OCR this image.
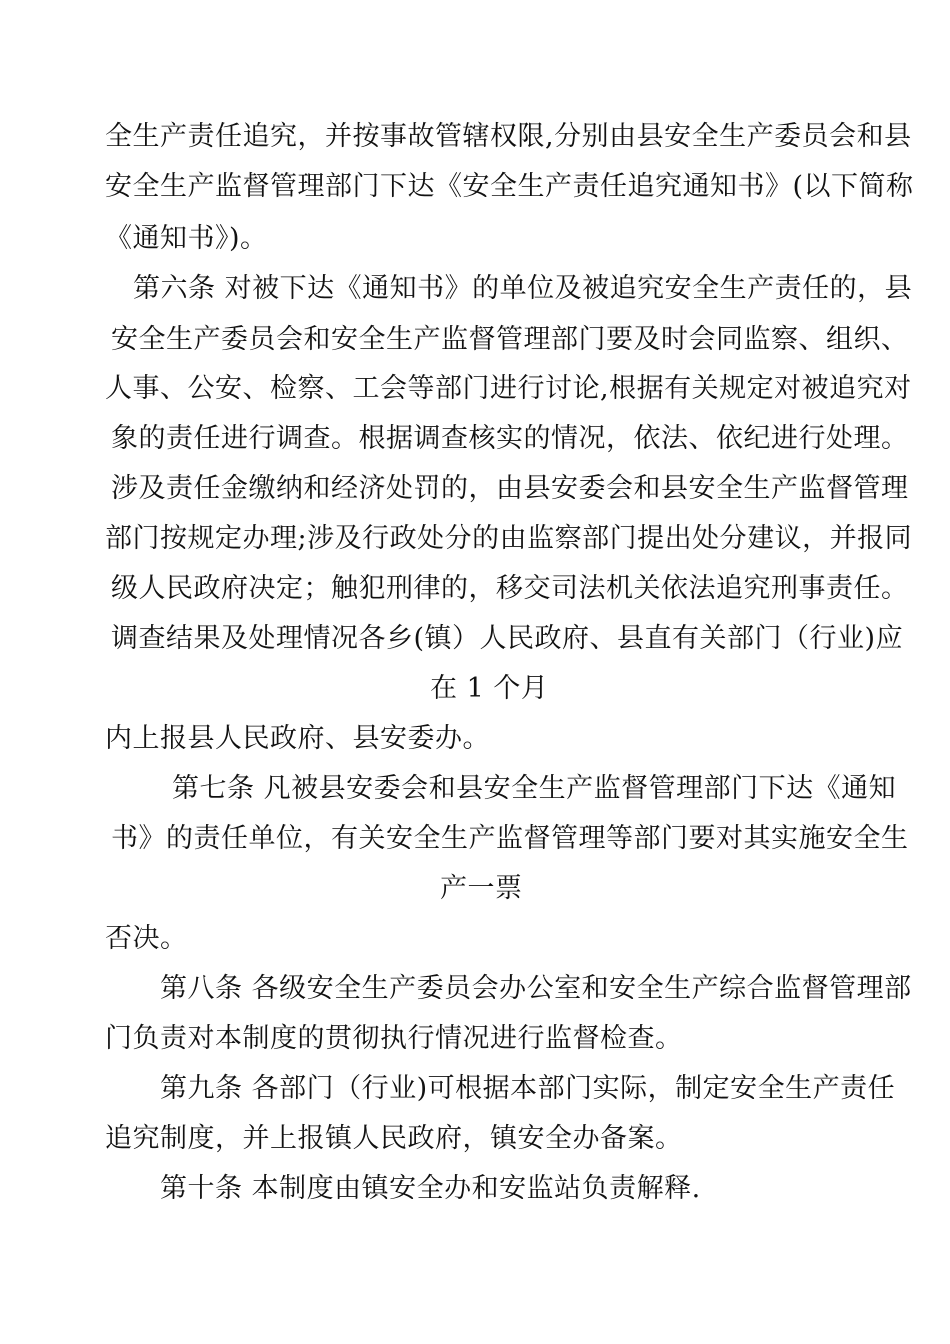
全生产责任追究，并按事故管辖权限,分别由县安全生产委员会和县
安全生产监督管理部门下达《安全生产责任追究通知书》(以下简称
《通知书》)。
第六条 对被下达《通知书》的单位及被追究安全生产责任的，县
安全生产委员会和安全生产监督管理部门要及时会同监察、组织、
人事、公安、检察、工会等部门进行讨论,根据有关规定对被追究对
象的责任进行调查。根据调查核实的情况，依法、依纪进行处理。
涉及责任金缴纳和经济处罚的，由县安委会和县安全生产监督管理
部门按规定办理;涉及行政处分的由监察部门提出处分建议，并报同
级人民政府决定；触犯刑律的，移交司法机关依法追究刑事责任。
调查结果及处理情况各乡(镇）人民政府、县直有关部门（行业)应
在 1 个月
内上报县人民政府、县安委办。
第七条 凡被县安委会和县安全生产监督管理部门下达《通知
书》的责任单位，有关安全生产监督管理等部门要对其实施安全生
产一票
否决。
第八条 各级安全生产委员会办公室和安全生产综合监督管理部
门负责对本制度的贯彻执行情况进行监督检查。
第九条 各部门（行业)可根据本部门实际，制定安全生产责任
追究制度，并上报镇人民政府，镇安全办备案。
第十条 本制度由镇安全办和安监站负责解释.
